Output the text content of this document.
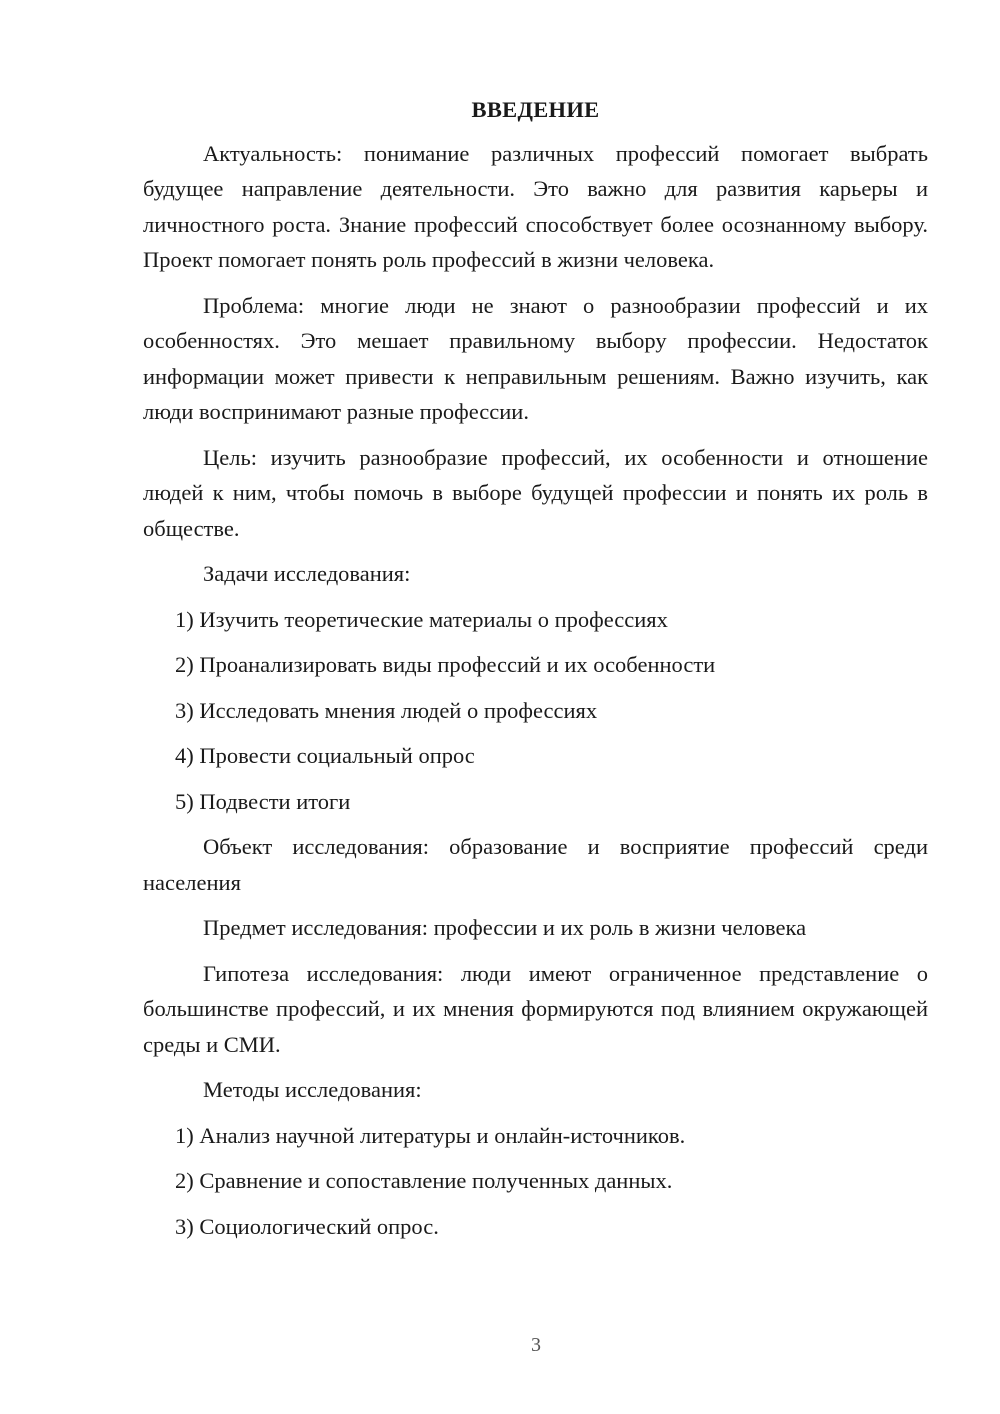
ВВЕДЕНИЕ

Актуальность: понимание различных профессий помогает выбрать будущее направление деятельности. Это важно для развития карьеры и личностного роста. Знание профессий способствует более осознанному выбору. Проект помогает понять роль профессий в жизни человека.

Проблема: многие люди не знают о разнообразии профессий и их особенностях. Это мешает правильному выбору профессии. Недостаток информации может привести к неправильным решениям. Важно изучить, как люди воспринимают разные профессии.

Цель: изучить разнообразие профессий, их особенности и отношение людей к ним, чтобы помочь в выборе будущей профессии и понять их роль в обществе.

Задачи исследования:

1) Изучить теоретические материалы о профессиях
2) Проанализировать виды профессий и их особенности
3) Исследовать мнения людей о профессиях
4) Провести социальный опрос
5) Подвести итоги

Объект исследования: образование и восприятие профессий среди населения

Предмет исследования: профессии и их роль в жизни человека

Гипотеза исследования: люди имеют ограниченное представление о большинстве профессий, и их мнения формируются под влиянием окружающей среды и СМИ.

Методы исследования:

1) Анализ научной литературы и онлайн-источников.
2) Сравнение и сопоставление полученных данных.
3) Социологический опрос.
3
